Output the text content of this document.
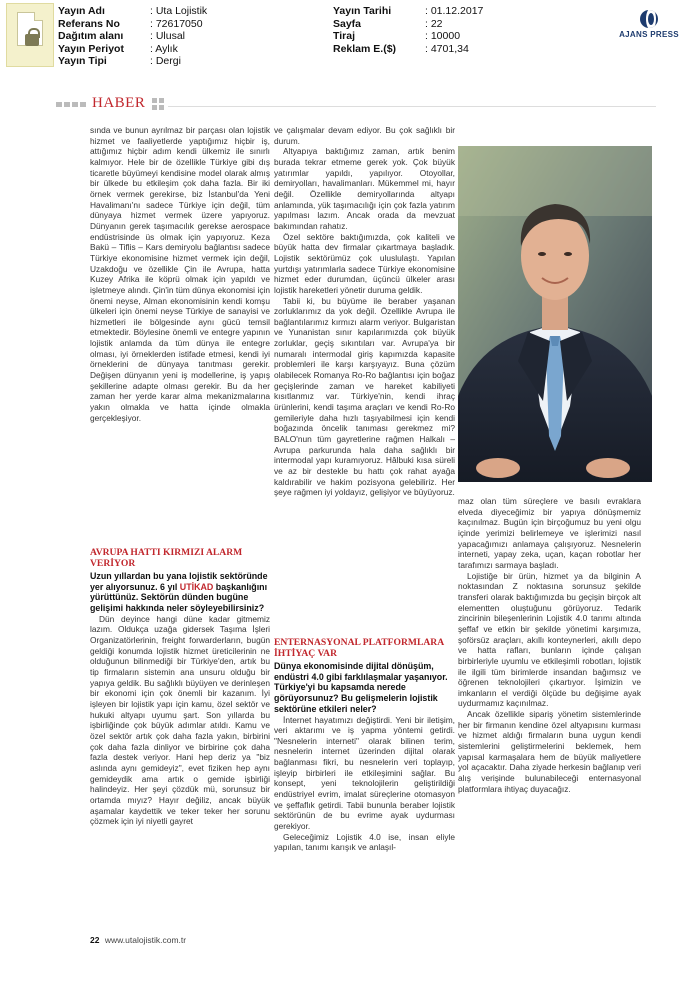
Yayın Adı	: Uta Lojistik
Referans No	: 72617050
Dağıtım alanı	: Ulusal
Yayın Periyot	: Aylık
Yayın Tipi	: Dergi
Yayın Tarihi	: 01.12.2017
Sayfa	: 22
Tiraj	: 10000
Reklam E.($)	: 4701,34
AJANS PRESS
HABER

sında ve bunun ayrılmaz bir parçası olan lojistik hizmet ve faaliyetlerde yaptığımız hiçbir iş, attığımız hiçbir adım kendi ülkemiz ile sınırlı kalmıyor. Hele bir de özellikle Türkiye gibi dış ticaretle büyümeyi kendisine model olarak almış bir ülkede bu etkileşim çok daha fazla. Bir iki örnek vermek gerekirse, biz İstanbul'da Yeni Havalimanı'nı sadece Türkiye için değil, tüm dünyaya hizmet vermek üzere yapıyoruz. Dünyanın gerek taşımacılık gerekse aerospace endüstrisinde üs olmak için yapıyoruz. Keza Bakü – Tiflis – Kars demiryolu bağlantısı sadece Türkiye ekonomisine hizmet vermek için değil, Uzakdoğu ve özellikle Çin ile Avrupa, hatta Kuzey Afrika ile köprü olmak için yapıldı ve işletmeye alındı. Çin'in tüm dünya ekonomisi için önemi neyse, Alman ekonomisinin kendi komşu ülkeleri için önemi neyse Türkiye de sanayisi ve hizmetleri ile bölgesinde aynı gücü temsil etmektedir. Böylesine önemli ve entegre yapının lojistik anlamda da tüm dünya ile entegre olması, iyi örneklerden istifade etmesi, kendi iyi örneklerini de dünyaya tanıtması gerekir. Değişen dünyanın yeni iş modellerine, iş yapış şekillerine adapte olması gerekir. Bu da her zaman her yerde karar alma mekanizmalarına yakın olmakla ve hatta içinde olmakla gerçekleşiyor.

AVRUPA HATTI KIRMIZI ALARM VERİYOR

Uzun yıllardan bu yana lojistik sektöründe yer alıyorsunuz. 6 yıl UTİKAD başkanlığını yürüttünüz. Sektörün dünden bugüne gelişimi hakkında neler söyleyebilirsiniz?

Dün deyince hangi düne kadar gitmemiz lazım. Oldukça uzağa gidersek Taşıma İşleri Organizatörlerinin, freight forwarderların, bugün geldiği konumda lojistik hizmet üreticilerinin ne olduğunun bilinmediği bir Türkiye'den, artık bu tip firmaların sistemin ana unsuru olduğu bir yapıya geldik. Bu sağlıklı büyüyen ve derinleşen bir ekonomi için çok önemli bir kazanım. İyi işleyen bir lojistik yapı için kamu, özel sektör ve hukuki altyapı uyumu şart. Son yıllarda bu işbirliğinde çok büyük adımlar atıldı. Kamu ve özel sektör artık çok daha fazla yakın, birbirini çok daha fazla dinliyor ve birbirine çok daha fazla destek veriyor. Hani hep deriz ya "biz aslında aynı gemideyiz", evet fiziken hep aynı gemideydik ama artık o gemide işbirliği halindeyiz. Her şeyi çözdük mü, sorunsuz bir ortamda mıyız? Hayır değiliz, ancak büyük aşamalar kaydettik ve teker teker her sorunu çözmek için iyi niyetli gayret

ve çalışmalar devam ediyor. Bu çok sağlıklı bir durum.

Altyapıya baktığımız zaman, artık benim burada tekrar etmeme gerek yok. Çok büyük yatırımlar yapıldı, yapılıyor. Otoyollar, demiryolları, havalimanları. Mükemmel mi, hayır değil. Özellikle demiryollarında altyapı anlamında, yük taşımacılığı için çok fazla yatırım yapılması lazım. Ancak orada da mevzuat bakımından rahatız.

Özel sektöre baktığımızda, çok kaliteli ve büyük hatta dev firmalar çıkartmaya başladık. Lojistik sektörümüz çok uluslulaştı. Yapılan yurtdışı yatırımlarla sadece Türkiye ekonomisine hizmet eder durumdan, üçüncü ülkeler arası lojistik hareketleri yönetir duruma geldik.

Tabii ki, bu büyüme ile beraber yaşanan zorluklarımız da yok değil. Özellikle Avrupa ile bağlantılarımız kırmızı alarm veriyor. Bulgaristan ve Yunanistan sınır kapılarımızda çok büyük zorluklar, geçiş sıkıntıları var. Avrupa'ya bir numaralı intermodal giriş kapımızda kapasite problemleri ile karşı karşıyayız. Buna çözüm olabilecek Romanya Ro-Ro bağlantısı için boğaz geçişlerinde zaman ve hareket kabiliyeti kısıtlanmız var. Türkiye'nin, kendi ihraç ürünlerini, kendi taşıma araçları ve kendi Ro-Ro gemileriyle daha hızlı taşıyabilmesi için kendi boğazında öncelik tanıması gerekmez mi? BALO'nun tüm gayretlerine rağmen Halkalı – Avrupa parkurunda hala daha sağlıklı bir intermodal yapı kuramıyoruz. Hâlbuki kısa süreli ve az bir destekle bu hattı çok rahat ayağa kaldırabilir ve hakim pozisyona gelebiliriz. Her şeye rağmen iyi yoldayız, gelişiyor ve büyüyoruz.

ENTERNASYONAL PLATFORMLARA İHTİYAÇ VAR

Dünya ekonomisinde dijital dönüşüm, endüstri 4.0 gibi farklılaşmalar yaşanıyor. Türkiye'yi bu kapsamda nerede görüyorsunuz? Bu gelişmelerin lojistik sektörüne etkileri neler?

İnternet hayatımızı değiştirdi. Yeni bir iletişim, veri aktarımı ve iş yapma yöntemi getirdi. "Nesnelerin interneti" olarak bilinen terim, nesnelerin internet üzerinden dijital olarak bağlanması fikri, bu nesnelerin veri toplayıp, işleyip birbirleri ile etkileşimini sağlar. Bu konsept, yeni teknolojilerin geliştirildiği endüstriyel evrim, imalat süreçlerine otomasyon ve şeffaflık getirdi. Tabii bununla beraber lojistik sektörünün de bu evrime ayak uydurması gerekiyor.

Geleceğimiz Lojistik 4.0 ise, insan eliyle yapılan, tanımı karışık ve anlaşıl-

maz olan tüm süreçlere ve basılı evraklara elveda diyeceğimiz bir yapıya dönüşmemiz kaçınılmaz. Bugün için birçoğumuz bu yeni olgu içinde yerimizi belirlemeye ve işlerimizi nasıl yapacağımızı anlamaya çalışıyoruz. Nesnelerin interneti, yapay zeka, uçan, kaçan robotlar her tarafımızı sarmaya başladı.

Lojistiğe bir ürün, hizmet ya da bilginin A noktasından Z noktasına sorunsuz şekilde transferi olarak baktığımızda bu geçişin birçok alt elementten oluştuğunu görüyoruz. Tedarik zincirinin bileşenlerinin Lojistik 4.0 tarımı altında şeffaf ve etkin bir şekilde yönetimi karşımıza, şoförsüz araçları, akıllı konteynerleri, akıllı depo ve hatta rafları, bunların içinde çalışan birbirleriyle uyumlu ve etkileşimli robotları, lojistik ile ilgili tüm birimlerde insandan bağımsız ve öğrenen teknolojileri çıkartıyor. İşimizin ve imkanların el verdiği ölçüde bu değişime ayak uydurmamız kaçınılmaz.

Ancak özellikle sipariş yönetim sistemlerinde her bir firmanın kendine özel altyapısını kurması ve hizmet aldığı firmaların buna uygun kendi sistemlerini geliştirmelerini beklemek, hem yapısal karmaşalara hem de büyük maliyetlere yol açacaktır. Daha ziyade herkesin bağlanıp veri alış verişinde bulunabileceği enternasyonal platformlara ihtiyaç duyacağız.

22 www.utalojistik.com.tr
